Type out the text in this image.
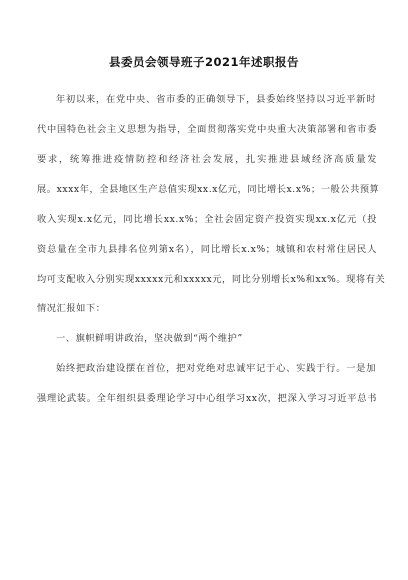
县委员会领导班子2021年述职报告
年初以来，在党中央、省市委的正确领导下，县委始终坚持以习近平新时
代中国特色社会主义思想为指导，全面贯彻落实党中央重大决策部署和省市委
要求，统筹推进疫情防控和经济社会发展，扎实推进县域经济高质量发
展。xxxx年，全县地区生产总值实现xx.x亿元，同比增长x.x%；一般公共预算
收入实现x.x亿元，同比增长xx.x%；全社会固定资产投资实现xx.x亿元（投
资总量在全市九县排名位列第x名），同比增长x.x%；城镇和农村常住居民人
均可支配收入分别实现xxxxx元和xxxxx元，同比分别增长x%和xx%。现将有关
情况汇报如下：
一、旗帜鲜明讲政治，坚决做到“两个维护”
始终把政治建设摆在首位，把对党绝对忠诚牢记于心、实践于行。一是加
强理论武装。全年组织县委理论学习中心组学习xx次，把深入学习习近平总书
